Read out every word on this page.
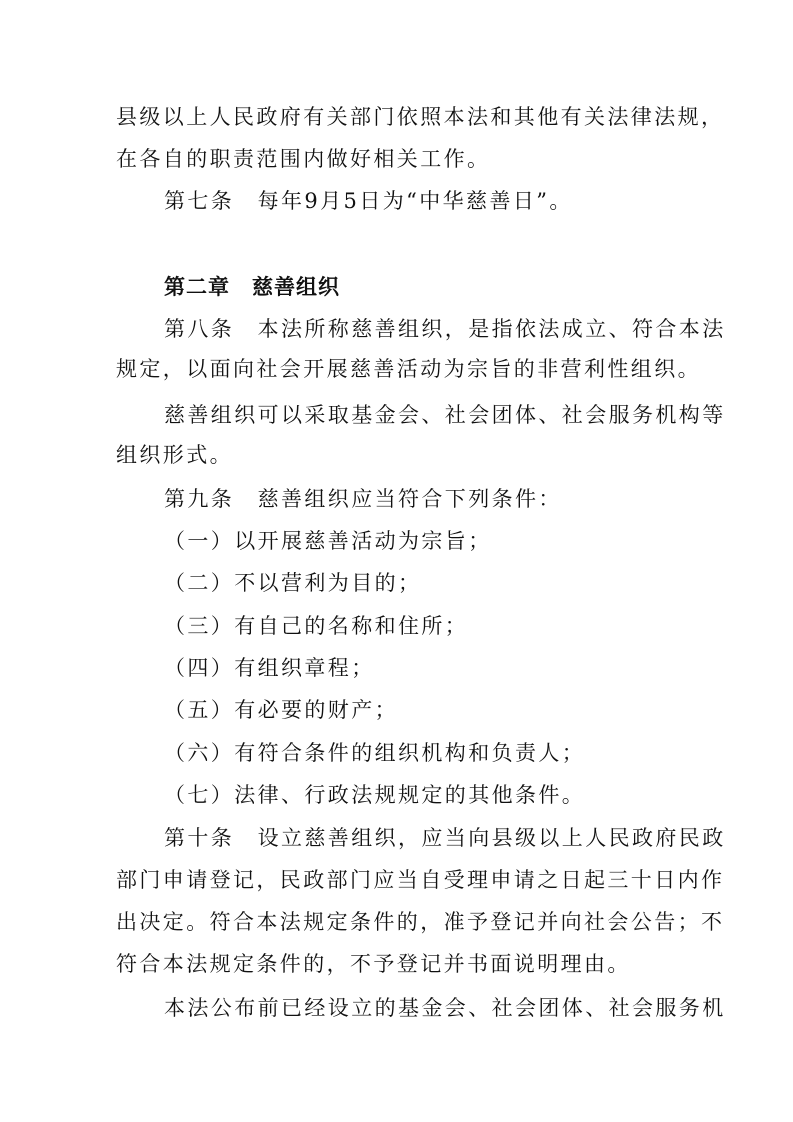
县级以上人民政府有关部门依照本法和其他有关法律法规，
在各自的职责范围内做好相关工作。
第七条　每年9月5日为“中华慈善日”。
第二章　慈善组织
第八条　本法所称慈善组织，是指依法成立、符合本法
规定，以面向社会开展慈善活动为宗旨的非营利性组织。
慈善组织可以采取基金会、社会团体、社会服务机构等
组织形式。
第九条　慈善组织应当符合下列条件：
（一）以开展慈善活动为宗旨；
（二）不以营利为目的；
（三）有自己的名称和住所；
（四）有组织章程；
（五）有必要的财产；
（六）有符合条件的组织机构和负责人；
（七）法律、行政法规规定的其他条件。
第十条　设立慈善组织，应当向县级以上人民政府民政
部门申请登记，民政部门应当自受理申请之日起三十日内作
出决定。符合本法规定条件的，准予登记并向社会公告；不
符合本法规定条件的，不予登记并书面说明理由。
本法公布前已经设立的基金会、社会团体、社会服务机
